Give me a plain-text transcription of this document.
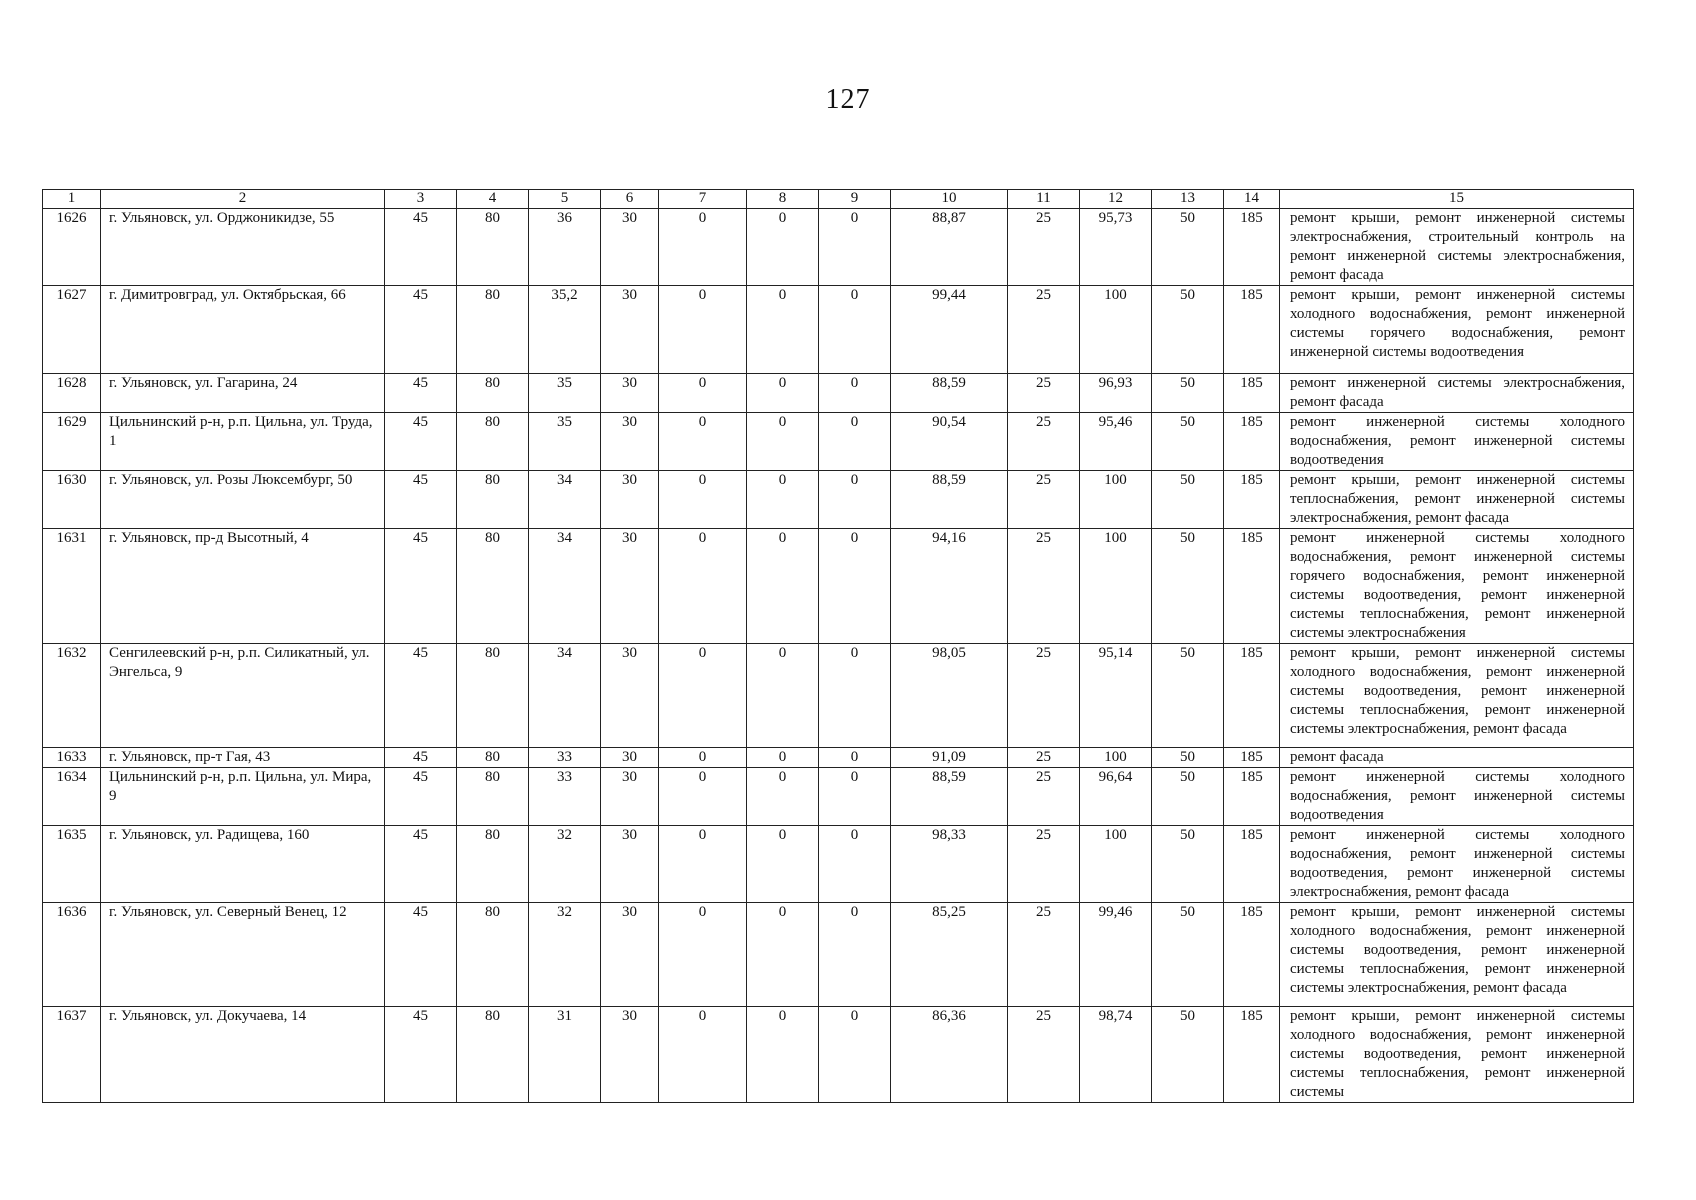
127
1	2	3	4	5	6	7	8	9	10	11	12	13	14	15
1626	г. Ульяновск, ул. Орджоникидзе, 55	45	80	36	30	0	0	0	88,87	25	95,73	50	185	ремонт крыши, ремонт инженерной системы электроснабжения, строительный контроль на ремонт инженерной системы электроснабжения, ремонт фасада
1627	г. Димитровград, ул. Октябрьская, 66	45	80	35,2	30	0	0	0	99,44	25	100	50	185	ремонт крыши, ремонт инженерной системы холодного водоснабжения, ремонт инженерной системы горячего водоснабжения, ремонт инженерной системы водоотведения
1628	г. Ульяновск, ул. Гагарина, 24	45	80	35	30	0	0	0	88,59	25	96,93	50	185	ремонт инженерной системы электроснабжения, ремонт фасада
1629	Цильнинский р-н, р.п. Цильна, ул. Труда, 1	45	80	35	30	0	0	0	90,54	25	95,46	50	185	ремонт инженерной системы холодного водоснабжения, ремонт инженерной системы водоотведения
1630	г. Ульяновск, ул. Розы Люксембург, 50	45	80	34	30	0	0	0	88,59	25	100	50	185	ремонт крыши, ремонт инженерной системы теплоснабжения, ремонт инженерной системы электроснабжения, ремонт фасада
1631	г. Ульяновск, пр-д Высотный, 4	45	80	34	30	0	0	0	94,16	25	100	50	185	ремонт инженерной системы холодного водоснабжения, ремонт инженерной системы горячего водоснабжения, ремонт инженерной системы водоотведения, ремонт инженерной системы теплоснабжения, ремонт инженерной системы электроснабжения
1632	Сенгилеевский р-н, р.п. Силикатный, ул. Энгельса, 9	45	80	34	30	0	0	0	98,05	25	95,14	50	185	ремонт крыши, ремонт инженерной системы холодного водоснабжения, ремонт инженерной системы водоотведения, ремонт инженерной системы теплоснабжения, ремонт инженерной системы электроснабжения, ремонт фасада
1633	г. Ульяновск, пр-т Гая, 43	45	80	33	30	0	0	0	91,09	25	100	50	185	ремонт фасада
1634	Цильнинский р-н, р.п. Цильна, ул. Мира, 9	45	80	33	30	0	0	0	88,59	25	96,64	50	185	ремонт инженерной системы холодного водоснабжения, ремонт инженерной системы водоотведения
1635	г. Ульяновск, ул. Радищева, 160	45	80	32	30	0	0	0	98,33	25	100	50	185	ремонт инженерной системы холодного водоснабжения, ремонт инженерной системы водоотведения, ремонт инженерной системы электроснабжения, ремонт фасада
1636	г. Ульяновск, ул. Северный Венец, 12	45	80	32	30	0	0	0	85,25	25	99,46	50	185	ремонт крыши, ремонт инженерной системы холодного водоснабжения, ремонт инженерной системы водоотведения, ремонт инженерной системы теплоснабжения, ремонт инженерной системы электроснабжения, ремонт фасада
1637	г. Ульяновск, ул. Докучаева, 14	45	80	31	30	0	0	0	86,36	25	98,74	50	185	ремонт крыши, ремонт инженерной системы холодного водоснабжения, ремонт инженерной системы водоотведения, ремонт инженерной системы теплоснабжения, ремонт инженерной системы
